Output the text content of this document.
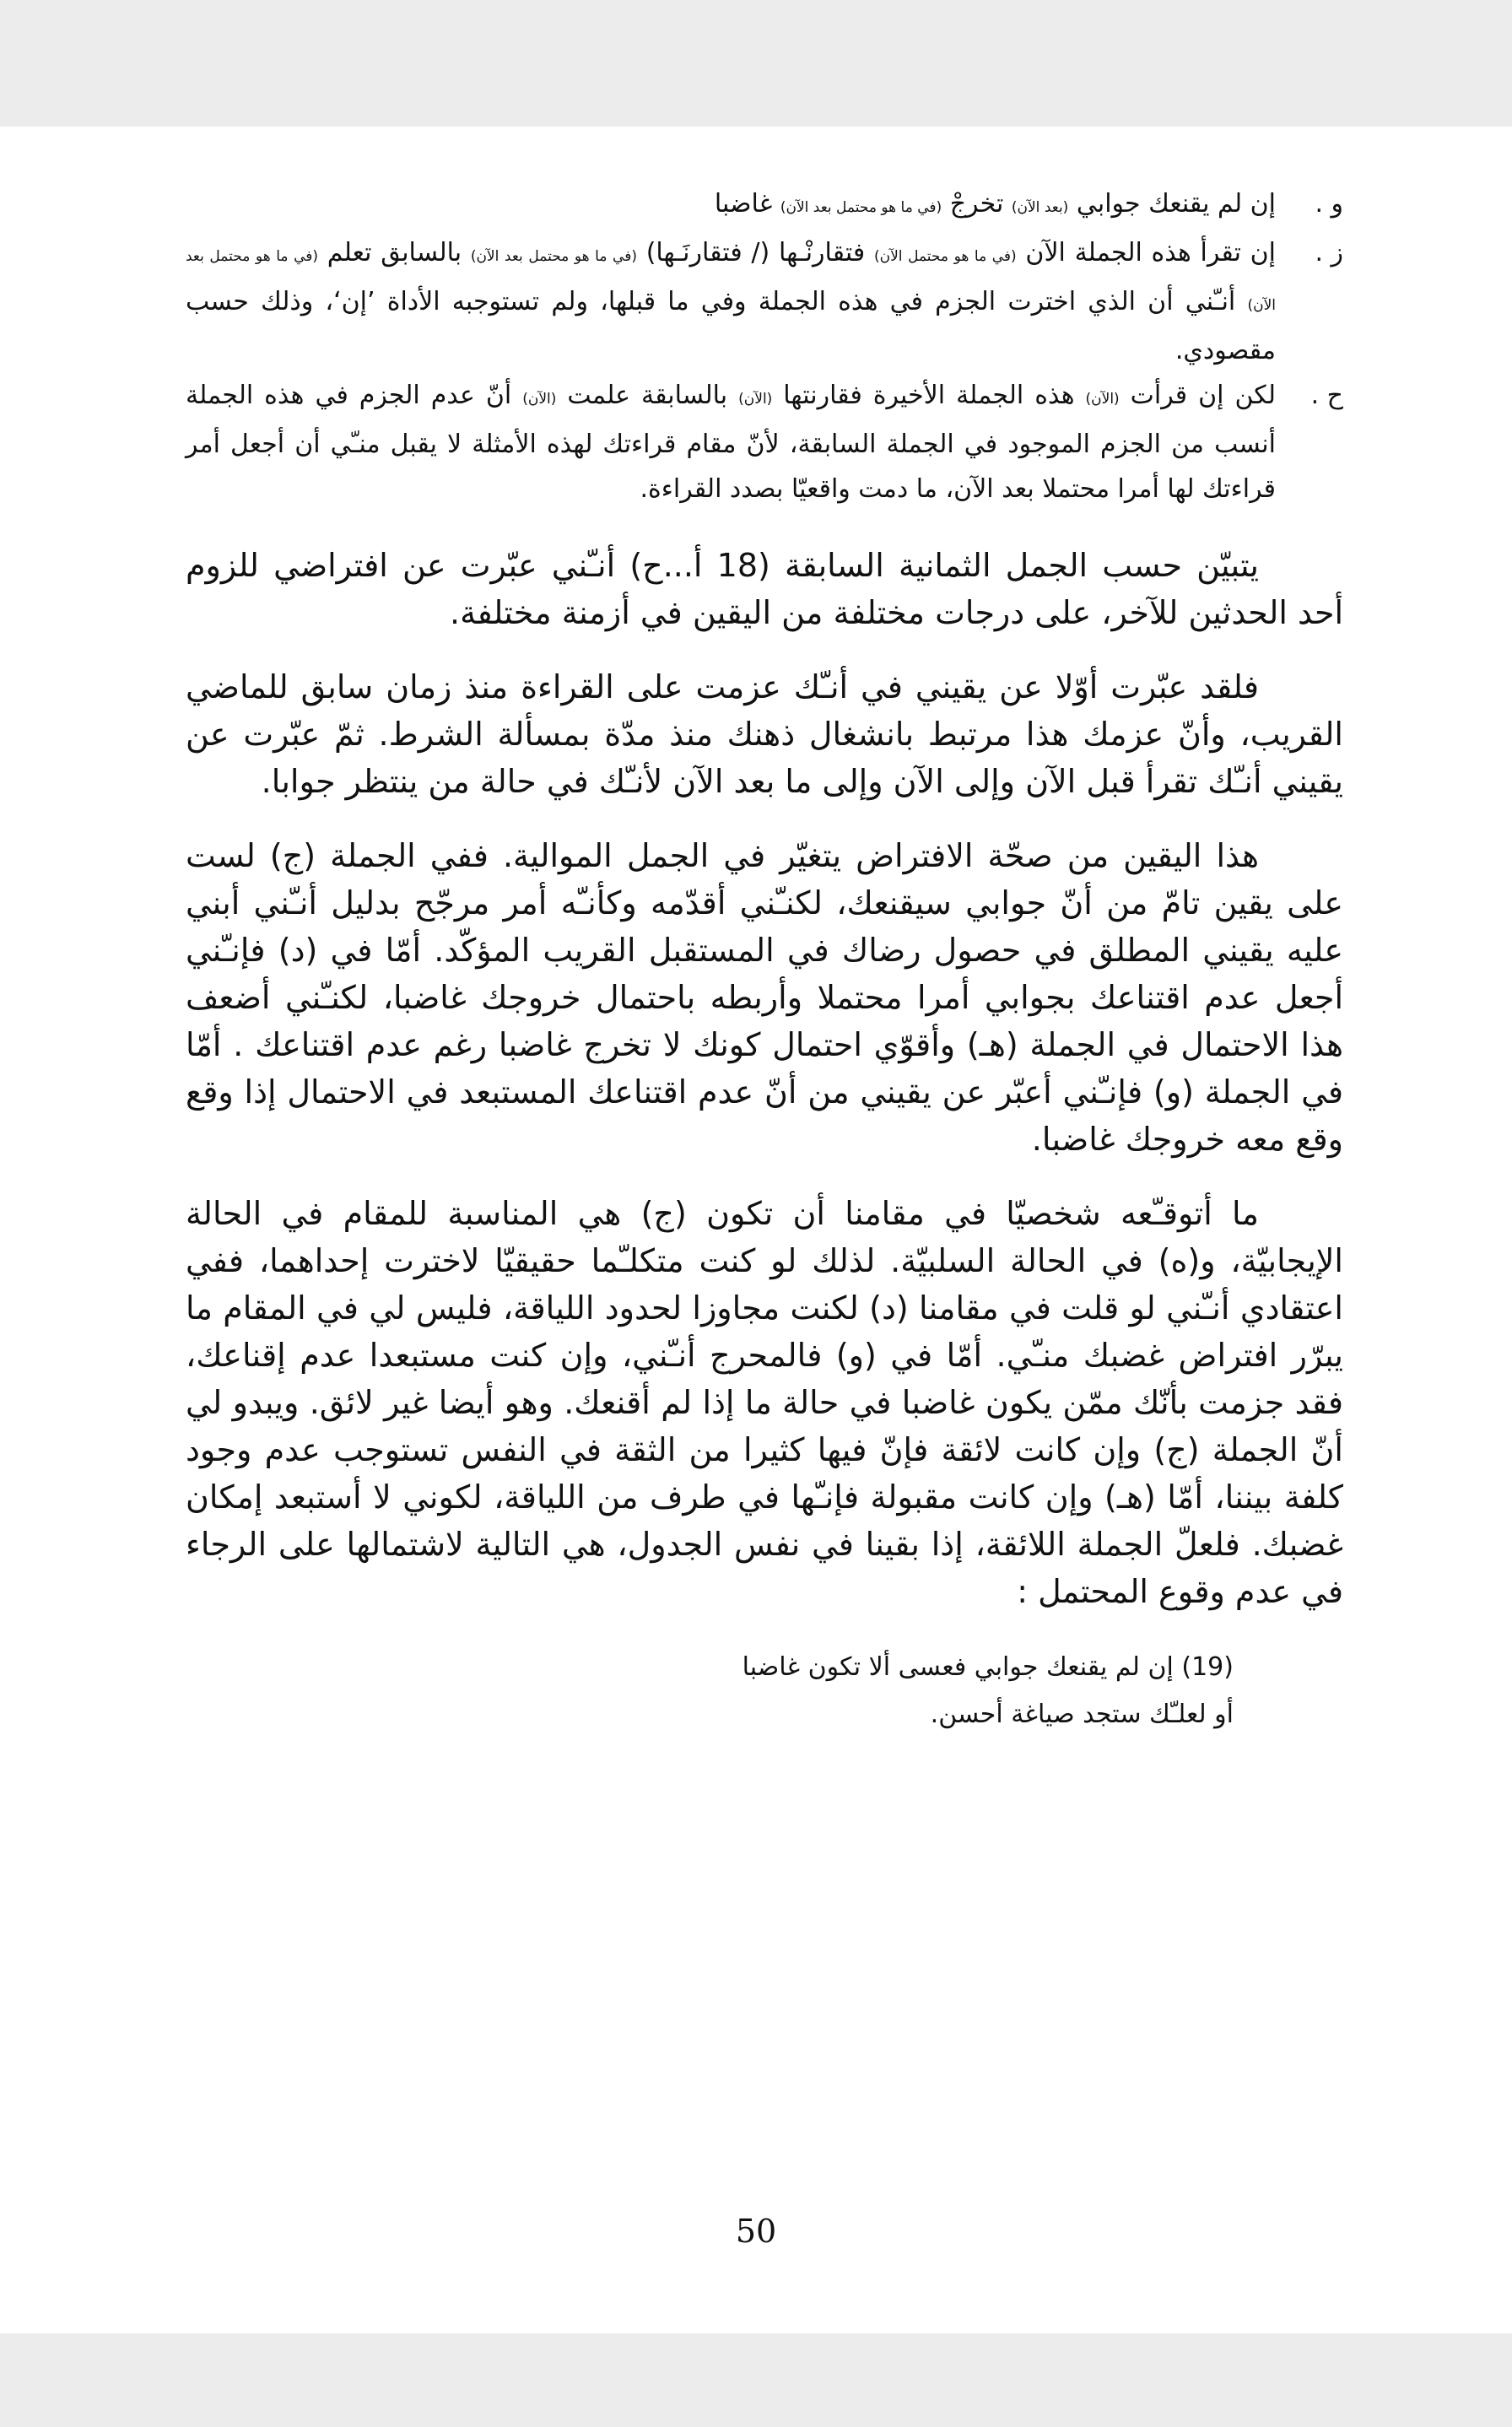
و .
إن لم يقنعك جوابي (بعد الآن) تخرجْ (في ما هو محتمل بعد الآن) غاضبا

ز .
إن تقرأ هذه الجملة الآن (في ما هو محتمل الآن) فتقارنْـها (/ فتقارنَـها) (في ما هو محتمل بعد الآن) بالسابق تعلم (في ما هو محتمل بعد الآن) أنـّني أن الذي اخترت الجزم في هذه الجملة وفي ما قبلها، ولم تستوجبه الأداة ’إن‘، وذلك حسب مقصودي.

ح .
لكن إن قرأت (الآن) هذه الجملة الأخيرة فقارنتها (الآن) بالسابقة علمت (الآن) أنّ عدم الجزم في هذه الجملة أنسب من الجزم الموجود في الجملة السابقة، لأنّ مقام قراءتك لهذه الأمثلة لا يقبل منـّي أن أجعل أمر قراءتك لها أمرا محتملا بعد الآن، ما دمت واقعيّا بصدد القراءة.

يتبيّن حسب الجمل الثمانية السابقة (18 أ...ح) أنـّني عبّرت عن افتراضي للزوم أحد الحدثين للآخر، على درجات مختلفة من اليقين في أزمنة مختلفة.

فلقد عبّرت أوّلا عن يقيني في أنـّك عزمت على القراءة منذ زمان سابق للماضي القريب، وأنّ عزمك هذا مرتبط بانشغال ذهنك منذ مدّة بمسألة الشرط. ثمّ عبّرت عن يقيني أنـّك تقرأ قبل الآن وإلى الآن وإلى ما بعد الآن لأنـّك في حالة من ينتظر جوابا.

هذا اليقين من صحّة الافتراض يتغيّر في الجمل الموالية. ففي الجملة (ج) لست على يقين تامّ من أنّ جوابي سيقنعك، لكنـّني أقدّمه وكأنـّه أمر مرجّح بدليل أنـّني أبني عليه يقيني المطلق في حصول رضاك في المستقبل القريب المؤكّد. أمّا في (د) فإنـّني أجعل عدم اقتناعك بجوابي أمرا محتملا وأربطه باحتمال خروجك غاضبا، لكنـّني أضعف هذا الاحتمال في الجملة (هـ) وأقوّي احتمال كونك لا تخرج غاضبا رغم عدم اقتناعك . أمّا في الجملة (و) فإنـّني أعبّر عن يقيني من أنّ عدم اقتناعك المستبعد في الاحتمال إذا وقع وقع معه خروجك غاضبا.

ما أتوقـّعه شخصيّا في مقامنا أن تكون (ج) هي المناسبة للمقام في الحالة الإيجابيّة، و(ه) في الحالة السلبيّة. لذلك لو كنت متكلـّما حقيقيّا لاخترت إحداهما، ففي اعتقادي أنـّني لو قلت في مقامنا (د) لكنت مجاوزا لحدود اللياقة، فليس لي في المقام ما يبرّر افتراض غضبك منـّي. أمّا في (و) فالمحرج أنـّني، وإن كنت مستبعدا عدم إقناعك، فقد جزمت بأنّك ممّن يكون غاضبا في حالة ما إذا لم أقنعك. وهو أيضا غير لائق. ويبدو لي أنّ الجملة (ج) وإن كانت لائقة فإنّ فيها كثيرا من الثقة في النفس تستوجب عدم وجود كلفة بيننا، أمّا (هـ) وإن كانت مقبولة فإنـّها في طرف من اللياقة، لكوني لا أستبعد إمكان غضبك. فلعلّ الجملة اللائقة، إذا بقينا في نفس الجدول، هي التالية لاشتمالها على الرجاء في عدم وقوع المحتمل :

(19) إن لم يقنعك جوابي فعسى ألا تكون غاضبا
أو لعلـّك ستجد صياغة أحسن.
50
